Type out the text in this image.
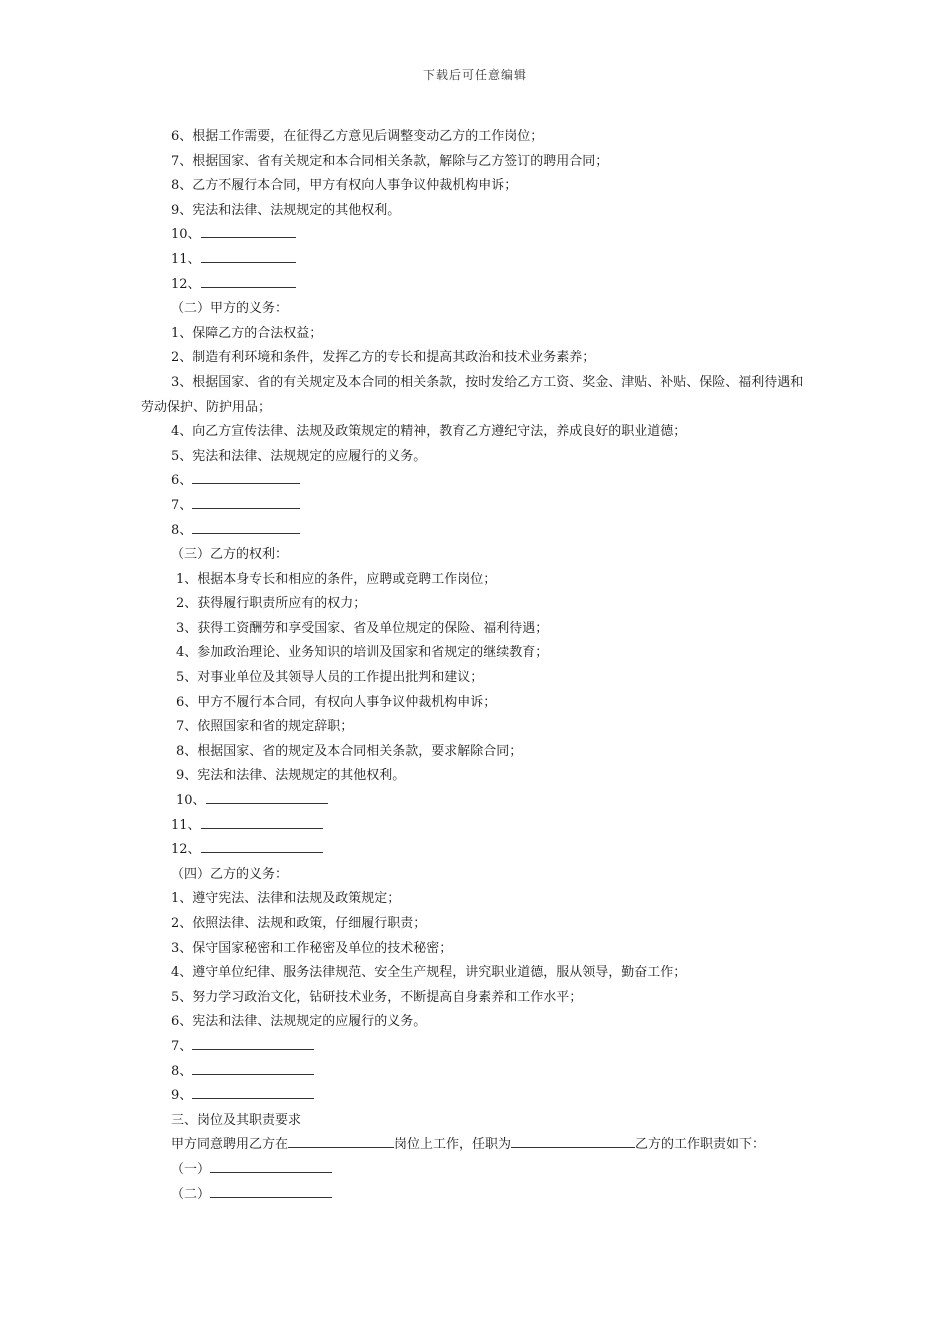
下载后可任意编辑
6、根据工作需要，在征得乙方意见后调整变动乙方的工作岗位；
7、根据国家、省有关规定和本合同相关条款，解除与乙方签订的聘用合同；
8、乙方不履行本合同，甲方有权向人事争议仲裁机构申诉；
9、宪法和法律、法规规定的其他权利。
10、
11、
12、
（二）甲方的义务：
1、保障乙方的合法权益；
2、制造有利环境和条件，发挥乙方的专长和提高其政治和技术业务素养；
3、根据国家、省的有关规定及本合同的相关条款，按时发给乙方工资、奖金、津贴、补贴、保险、福利待遇和劳动保护、防护用品；
4、向乙方宣传法律、法规及政策规定的精神，教育乙方遵纪守法，养成良好的职业道德；
5、宪法和法律、法规规定的应履行的义务。
6、
7、
8、
（三）乙方的权利：
1、根据本身专长和相应的条件，应聘或竞聘工作岗位；
2、获得履行职责所应有的权力；
3、获得工资酬劳和享受国家、省及单位规定的保险、福利待遇；
4、参加政治理论、业务知识的培训及国家和省规定的继续教育；
5、对事业单位及其领导人员的工作提出批判和建议；
6、甲方不履行本合同，有权向人事争议仲裁机构申诉；
7、依照国家和省的规定辞职；
8、根据国家、省的规定及本合同相关条款，要求解除合同；
9、宪法和法律、法规规定的其他权利。
10、
11、
12、
（四）乙方的义务：
1、遵守宪法、法律和法规及政策规定；
2、依照法律、法规和政策，仔细履行职责；
3、保守国家秘密和工作秘密及单位的技术秘密；
4、遵守单位纪律、服务法律规范、安全生产规程，讲究职业道德，服从领导，勤奋工作；
5、努力学习政治文化，钻研技术业务，不断提高自身素养和工作水平；
6、宪法和法律、法规规定的应履行的义务。
7、
8、
9、
三、岗位及其职责要求
甲方同意聘用乙方在	岗位上工作，任职为	乙方的工作职责如下：
（一）
（二）
